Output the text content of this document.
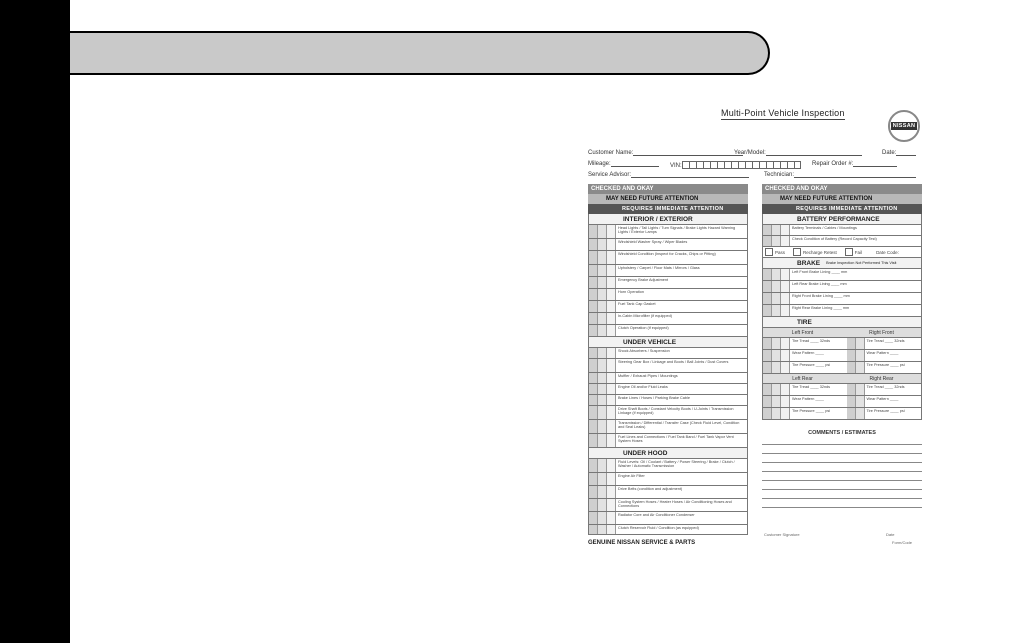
Multi-Point Vehicle Inspection
NISSAN
Customer Name:	Year/Model:	Date:
Mileage:	VIN:	Repair Order #:
Service Advisor:	Technician:
CHECKED AND OKAY
MAY NEED FUTURE ATTENTION
REQUIRES IMMEDIATE ATTENTION
INTERIOR / EXTERIOR
Head Lights / Tail Lights / Turn Signals / Brake Lights Hazard Warning Lights / Exterior Lamps
Windshield Washer Spray / Wiper Blades
Windshield Condition (Inspect for Cracks, Chips or Pitting)
Upholstery / Carpet / Floor Mats / Mirrors / Glass
Emergency Brake Adjustment
Horn Operation
Fuel Tank Cap Gasket
In-Cabin Microfilter (if equipped)
Clutch Operation (if equipped)
UNDER VEHICLE
Shock Absorbers / Suspension
Steering Gear Box / Linkage and Boots / Ball Joints / Dust Covers
Muffler / Exhaust Pipes / Mountings
Engine Oil and/or Fluid Leaks
Brake Lines / Hoses / Parking Brake Cable
Drive Shaft Boots / Constant Velocity Boots / U-Joints / Transmission Linkage (if equipped)
Transmission / Differential / Transfer Case (Check Fluid Level, Condition and Seal Leaks)
Fuel Lines and Connections / Fuel Tank Band / Fuel Tank Vapor Vent System Hoses
UNDER HOOD
Fluid Levels: Oil / Coolant / Battery / Power Steering / Brake / Clutch / Washer / Automatic Transmission
Engine Air Filter
Drive Belts (condition and adjustment)
Cooling System Hoses / Heater Hoses / Air Conditioning Hoses and Connections
Radiator Core and Air Conditioner Condenser
Clutch Reservoir Fluid / Condition (as equipped)
CHECKED AND OKAY
MAY NEED FUTURE ATTENTION
REQUIRES IMMEDIATE ATTENTION
BATTERY PERFORMANCE
Battery Terminals / Cables / Mountings
Check Condition of Battery (Record Capacity Test)
Pass	Recharge Retest	Fail	Date Code:
BRAKE Brake Inspection Not Performed This Visit
Left Front Brake Lining ____ mm
Left Rear Brake Lining ____ mm
Right Front Brake Lining ____ mm
Right Rear Brake Lining ____ mm
TIRE
Left Front	Right Front
Tire Tread ____ 32nds	Tire Tread ____ 32nds
Wear Pattern ____	Wear Pattern ____
Tire Pressure ____ psi	Tire Pressure ____ psi
Left Rear	Right Rear
Tire Tread ____ 32nds	Tire Tread ____ 32nds
Wear Pattern ____	Wear Pattern ____
Tire Pressure ____ psi	Tire Pressure ____ psi
COMMENTS / ESTIMATES
GENUINE NISSAN SERVICE & PARTS
Customer Signature	Date
Form/Code
